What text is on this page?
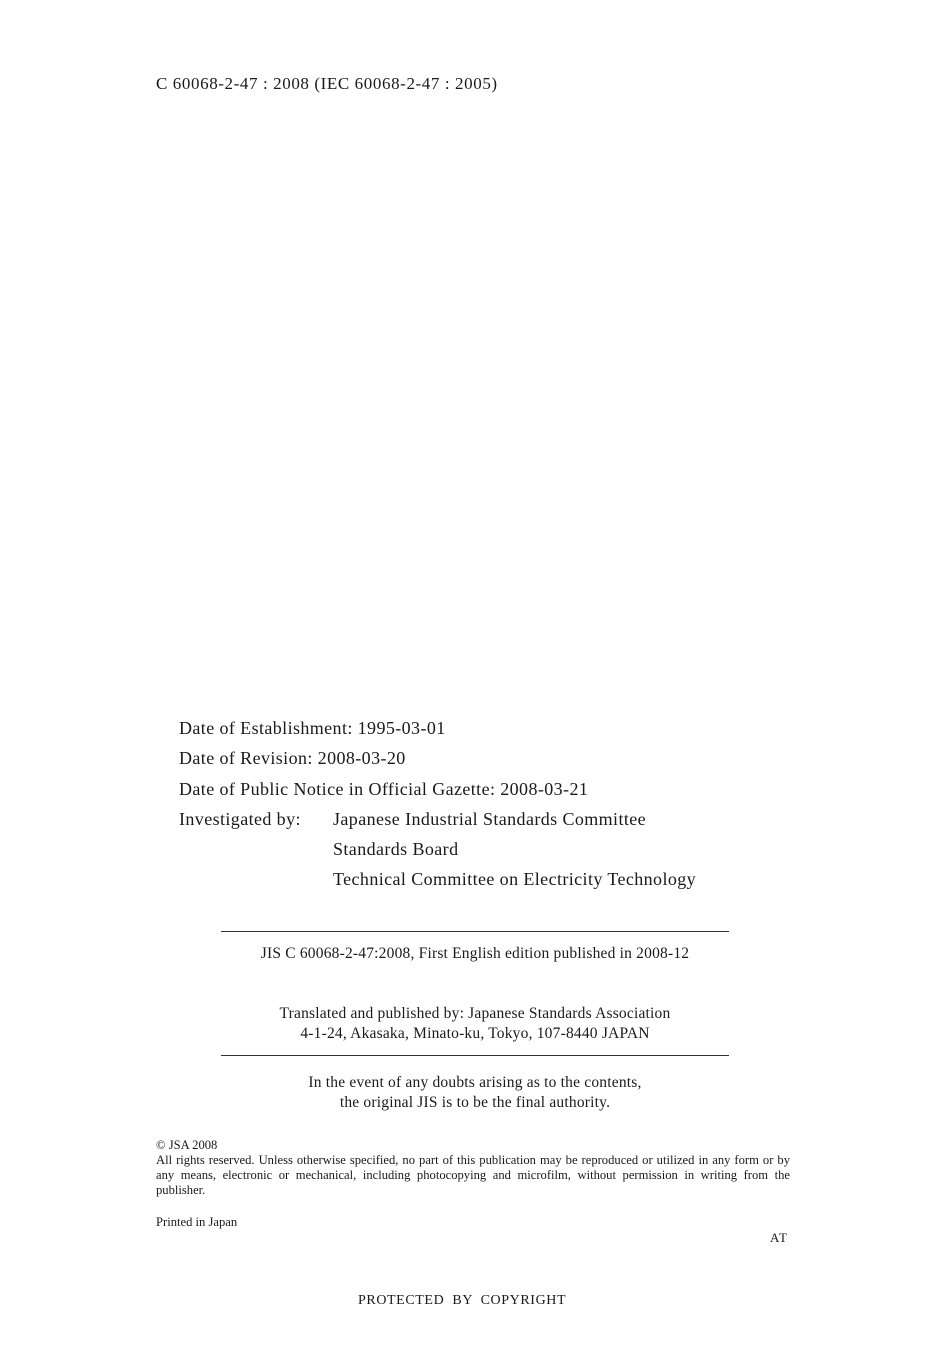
C 60068-2-47 : 2008 (IEC 60068-2-47 : 2005)
Date of Establishment: 1995-03-01
Date of Revision: 2008-03-20
Date of Public Notice in Official Gazette: 2008-03-21
Investigated by: Japanese Industrial Standards Committee
Standards Board
Technical Committee on Electricity Technology
JIS C 60068-2-47:2008, First English edition published in 2008-12
Translated and published by: Japanese Standards Association
4-1-24, Akasaka, Minato-ku, Tokyo, 107-8440 JAPAN
In the event of any doubts arising as to the contents,
the original JIS is to be the final authority.
© JSA 2008
All rights reserved. Unless otherwise specified, no part of this publication may be reproduced or utilized in any form or by any means, electronic or mechanical, including photocopying and microfilm, without permission in writing from the publisher.
Printed in Japan
AT
PROTECTED BY COPYRIGHT
